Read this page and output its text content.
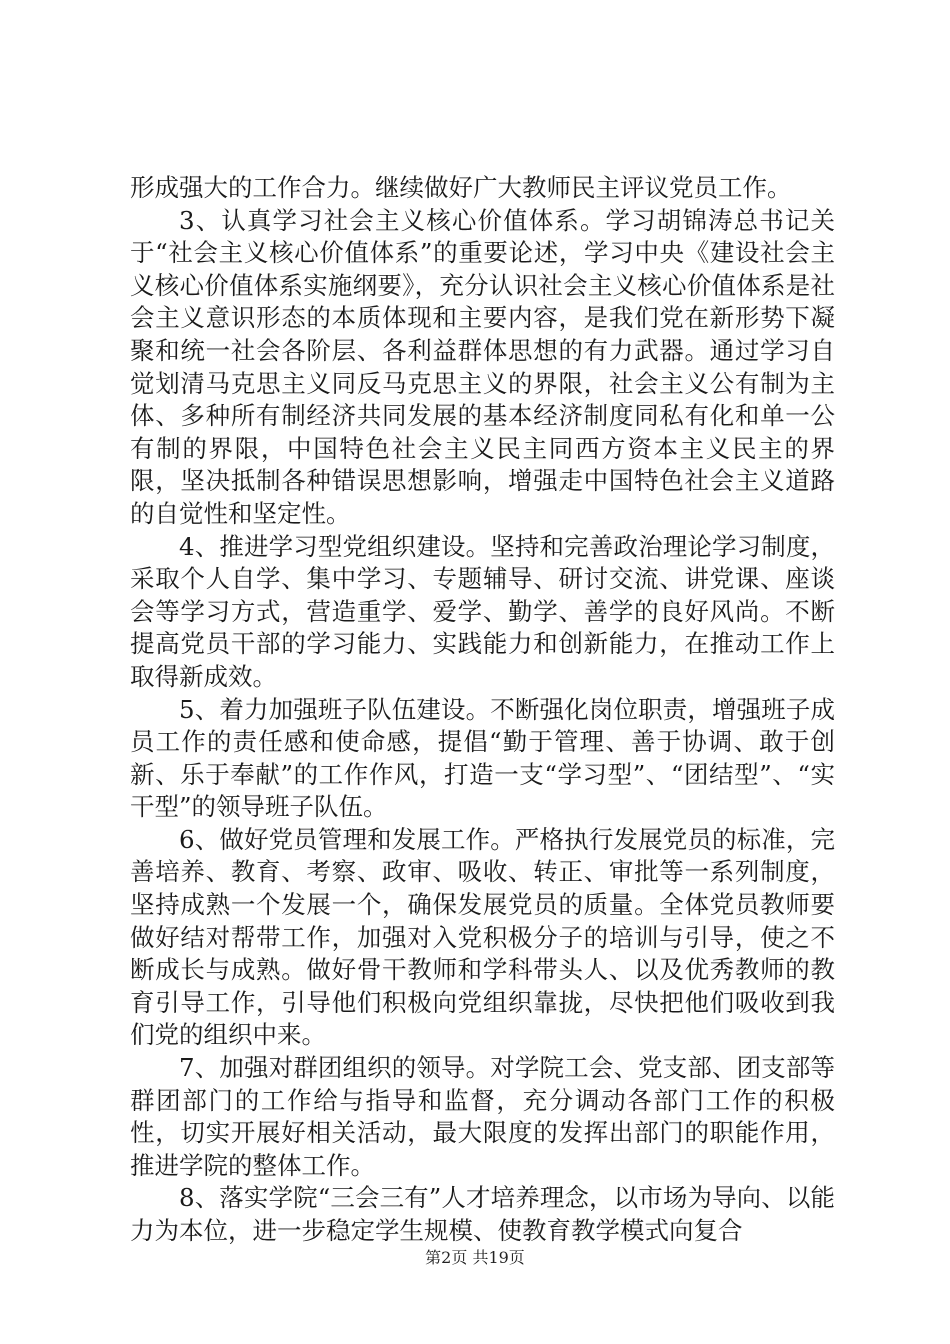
形成强大的工作合力。继续做好广大教师民主评议党员工作。

3、认真学习社会主义核心价值体系。学习胡锦涛总书记关于“社会主义核心价值体系”的重要论述，学习中央《建设社会主义核心价值体系实施纲要》，充分认识社会主义核心价值体系是社会主义意识形态的本质体现和主要内容，是我们党在新形势下凝聚和统一社会各阶层、各利益群体思想的有力武器。通过学习自觉划清马克思主义同反马克思主义的界限，社会主义公有制为主体、多种所有制经济共同发展的基本经济制度同私有化和单一公有制的界限，中国特色社会主义民主同西方资本主义民主的界限，坚决抵制各种错误思想影响，增强走中国特色社会主义道路的自觉性和坚定性。

4、推进学习型党组织建设。坚持和完善政治理论学习制度，采取个人自学、集中学习、专题辅导、研讨交流、讲党课、座谈会等学习方式，营造重学、爱学、勤学、善学的良好风尚。不断提高党员干部的学习能力、实践能力和创新能力，在推动工作上取得新成效。

5、着力加强班子队伍建设。不断强化岗位职责，增强班子成员工作的责任感和使命感，提倡“勤于管理、善于协调、敢于创新、乐于奉献”的工作作风，打造一支“学习型”、“团结型”、“实干型”的领导班子队伍。

6、做好党员管理和发展工作。严格执行发展党员的标准，完善培养、教育、考察、政审、吸收、转正、审批等一系列制度，坚持成熟一个发展一个，确保发展党员的质量。全体党员教师要做好结对帮带工作，加强对入党积极分子的培训与引导，使之不断成长与成熟。做好骨干教师和学科带头人、以及优秀教师的教育引导工作，引导他们积极向党组织靠拢，尽快把他们吸收到我们党的组织中来。

7、加强对群团组织的领导。对学院工会、党支部、团支部等群团部门的工作给与指导和监督，充分调动各部门工作的积极性，切实开展好相关活动，最大限度的发挥出部门的职能作用，推进学院的整体工作。

8、落实学院“三会三有”人才培养理念，以市场为导向、以能力为本位，进一步稳定学生规模、使教育教学模式向复合

第2页 共19页
